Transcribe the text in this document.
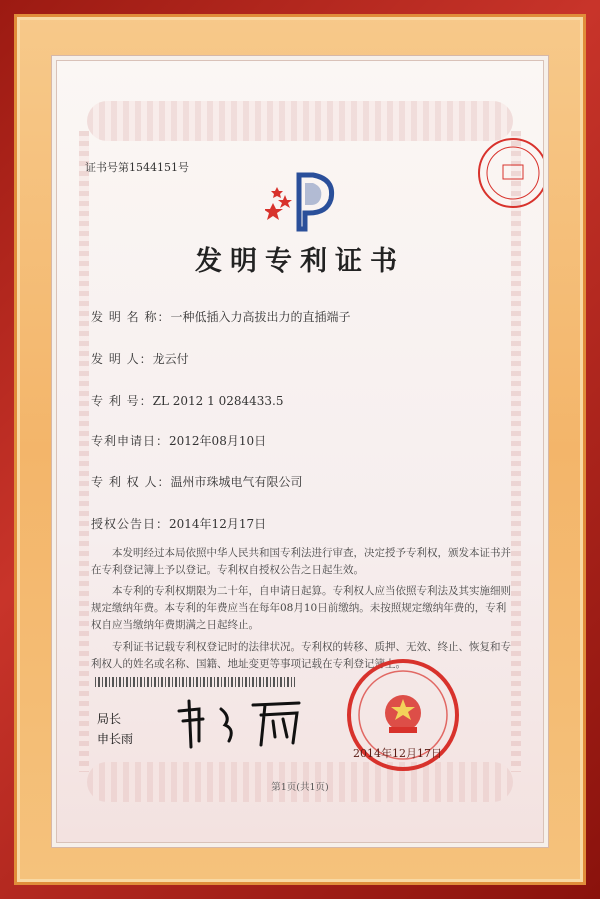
证书号第1544151号
发明专利证书
发 明 名 称：一种低插入力高拔出力的直插端子
发 明 人：龙云付
专 利 号：ZL 2012 1 0284433.5
专利申请日：2012年08月10日
专 利 权 人：温州市珠城电气有限公司
授权公告日：2014年12月17日
本发明经过本局依照中华人民共和国专利法进行审查，决定授予专利权，颁发本证书并在专利登记簿上予以登记。专利权自授权公告之日起生效。
本专利的专利权期限为二十年，自申请日起算。专利权人应当依照专利法及其实施细则规定缴纳年费。本专利的年费应当在每年08月10日前缴纳。未按照规定缴纳年费的，专利权自应当缴纳年费期满之日起终止。
专利证书记载专利权登记时的法律状况。专利权的转移、质押、无效、终止、恢复和专利权人的姓名或名称、国籍、地址变更等事项记载在专利登记簿上。
局长
申长雨
2014年12月17日
第1页(共1页)
